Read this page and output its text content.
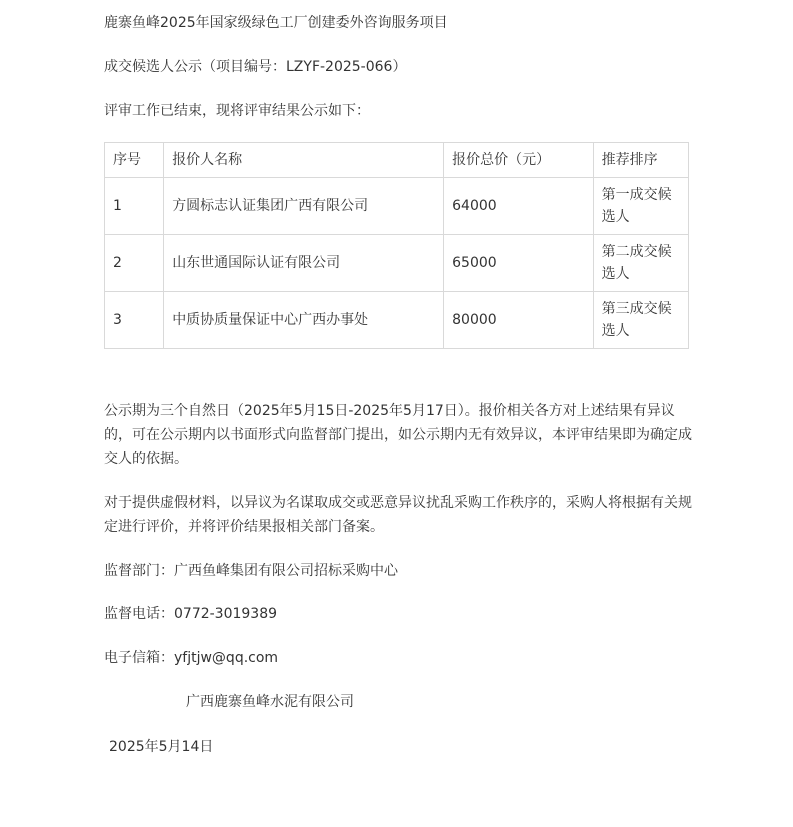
鹿寨鱼峰2025年国家级绿色工厂创建委外咨询服务项目
成交候选人公示（项目编号：LZYF-2025-066）
评审工作已结束，现将评审结果公示如下：
序号	报价人名称	报价总价（元）	推荐排序
1	方圆标志认证集团广西有限公司	64000	第一成交候选人
2	山东世通国际认证有限公司	65000	第二成交候选人
3	中质协质量保证中心广西办事处	80000	第三成交候选人
公示期为三个自然日（2025年5月15日-2025年5月17日）。报价相关各方对上述结果有异议的，可在公示期内以书面形式向监督部门提出，如公示期内无有效异议，本评审结果即为确定成交人的依据。
对于提供虚假材料，以异议为名谋取成交或恶意异议扰乱采购工作秩序的，采购人将根据有关规定进行评价，并将评价结果报相关部门备案。
监督部门：广西鱼峰集团有限公司招标采购中心
监督电话：0772-3019389
电子信箱：yfjtjw@qq.com
广西鹿寨鱼峰水泥有限公司
2025年5月14日
